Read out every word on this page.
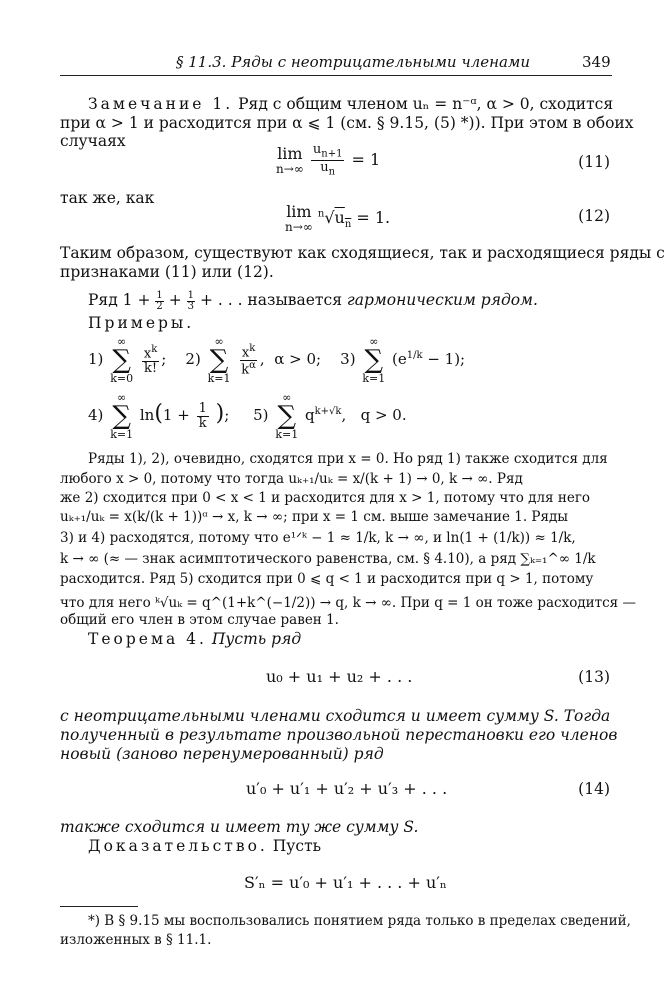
§ 11.3. Ряды с неотрицательными членами	349
Замечание 1. Ряд с общим членом uₙ = n⁻ᵅ, α > 0, сходится
при α > 1 и расходится при α ⩽ 1 (см. § 9.15, (5) *)). При этом в обоих
случаях
lim
n→∞
$\frac{u_{n+1}}{u_n} = 1$	(11)
так же, как
lim
n→∞
$^n√u_n = 1$.	(12)
Таким образом, существуют как сходящиеся, так и расходящиеся ряды с
признаками (11) или (12).
Ряд $1 + \frac{1}{2} + \frac{1}{3}$ + . . . называется гармоническим рядом.
Примеры.
1)
∞
∑
k=0

$\frac{x^k}{k!}$ ;    2)
∞
∑
k=1

$\frac{x^k}{k^\alpha}$ ,  α > 0; 3)
∞
∑
k=1
$(e^{1/k} - 1)$;
4)
∞
∑
k=1
$\ln(1 + \frac{1}{k}$ ); 5)
∞
∑
k=1
$q^{k+√k}$,   q > 0.
Ряды 1), 2), очевидно, сходятся при x = 0. Но ряд 1) также сходится для
любого x > 0, потому что тогда uₖ₊₁/uₖ = x/(k + 1) → 0, k → ∞. Ряд
же 2) сходится при 0 < x < 1 и расходится для x > 1, потому что для него
uₖ₊₁/uₖ = x(k/(k + 1))ᵅ → x, k → ∞; при x = 1 см. выше замечание 1. Ряды
3) и 4) расходятся, потому что e¹ᐟᵏ − 1 ≈ 1/k, k → ∞, и ln(1 + (1/k)) ≈ 1/k,
k → ∞ (≈ — знак асимптотического равенства, см. § 4.10), а ряд ∑ₖ₌₁^∞ 1/k
расходится. Ряд 5) сходится при 0 ⩽ q < 1 и расходится при q > 1, потому
что для него ᵏ√uₖ = q^(1+k^(−1/2)) → q, k → ∞. При q = 1 он тоже расходится —
общий его член в этом случае равен 1.
Теорема 4. Пусть ряд
u₀ + u₁ + u₂ + . . .	(13)
с неотрицательными членами сходится и имеет сумму S. Тогда
полученный в результате произвольной перестановки его членов
новый (заново перенумерованный) ряд
u′₀ + u′₁ + u′₂ + u′₃ + . . .	(14)
также сходится и имеет ту же сумму S.
Доказательство. Пусть
S′ₙ = u′₀ + u′₁ + . . . + u′ₙ
*) В § 9.15 мы воспользовались понятием ряда только в пределах сведений,
изложенных в § 11.1.
